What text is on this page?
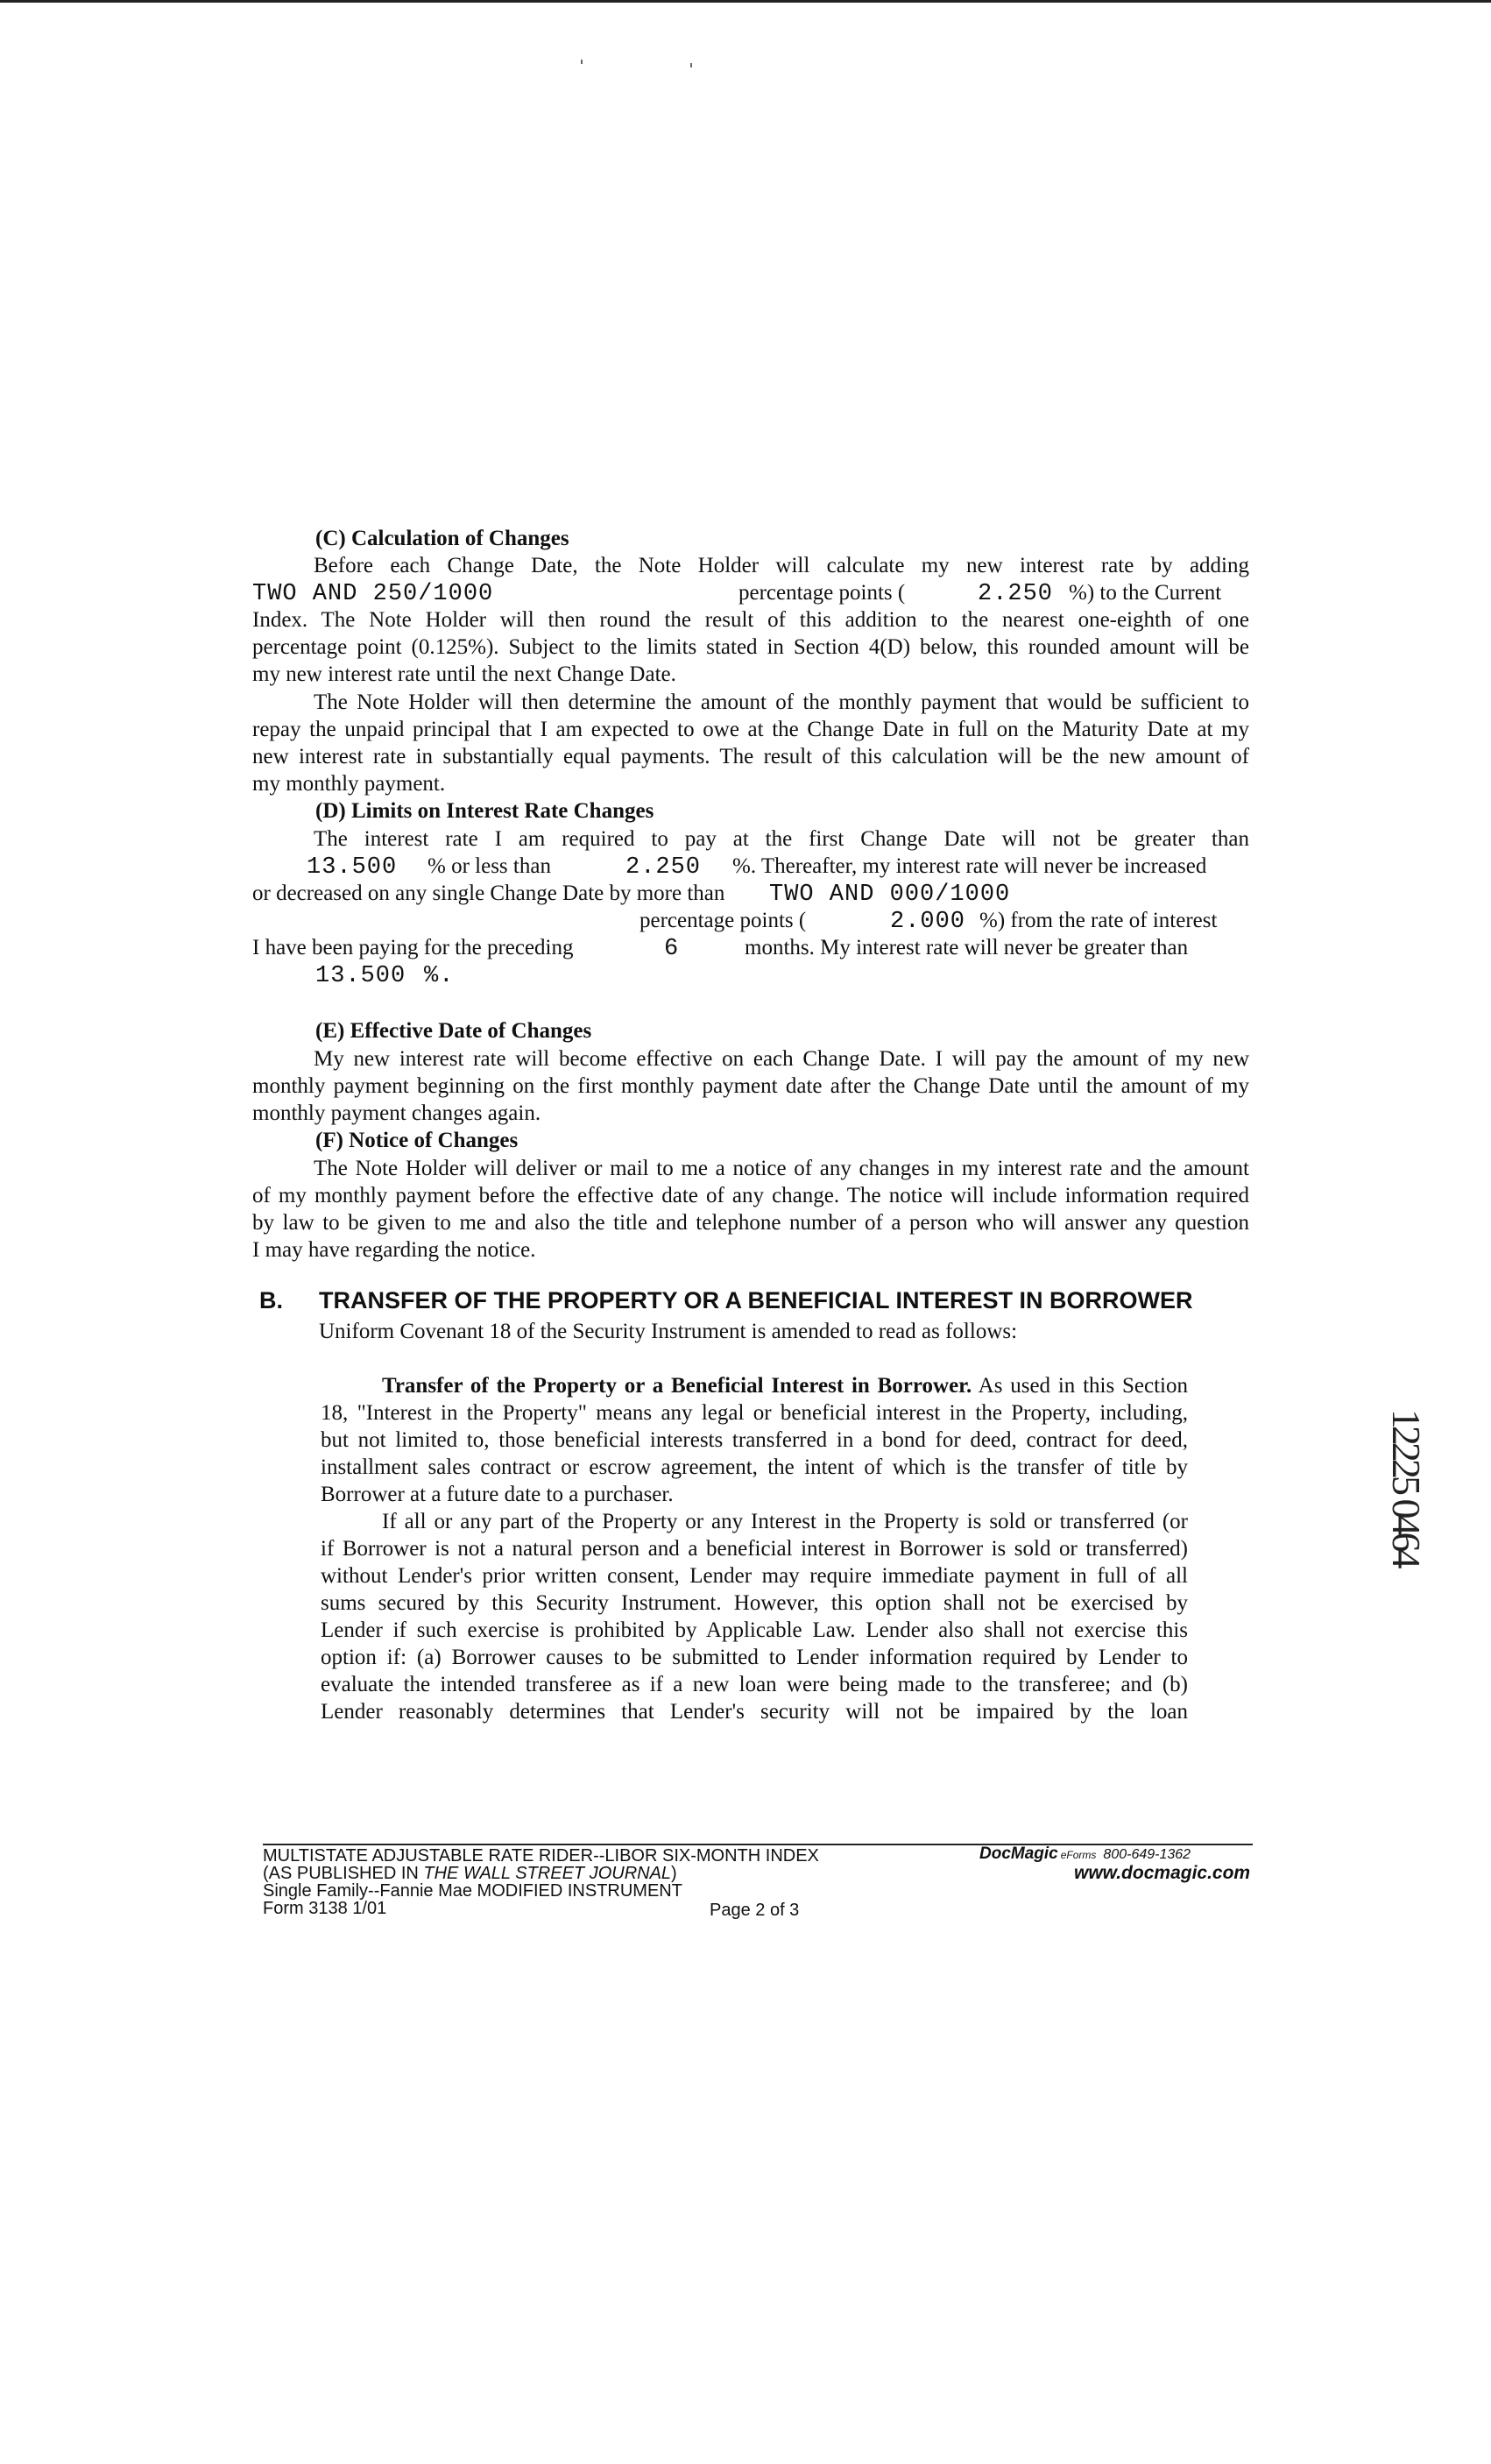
(C) Calculation of Changes
Before each Change Date, the Note Holder will calculate my new interest rate by adding
TWO AND 250/1000	percentage points (	2.250 %) to the Current
Index. The Note Holder will then round the result of this addition to the nearest one-eighth of one
percentage point (0.125%). Subject to the limits stated in Section 4(D) below, this rounded amount will be
my new interest rate until the next Change Date.
The Note Holder will then determine the amount of the monthly payment that would be sufficient to
repay the unpaid principal that I am expected to owe at the Change Date in full on the Maturity Date at my
new interest rate in substantially equal payments. The result of this calculation will be the new amount of
my monthly payment.
(D) Limits on Interest Rate Changes
The interest rate I am required to pay at the first Change Date will not be greater than
13.500 % or less than	2.250 %. Thereafter, my interest rate will never be increased
or decreased on any single Change Date by more than TWO AND 000/1000
percentage points (	2.000 %) from the rate of interest
I have been paying for the preceding	6	months. My interest rate will never be greater than
13.500 %.
(E) Effective Date of Changes
My new interest rate will become effective on each Change Date. I will pay the amount of my new
monthly payment beginning on the first monthly payment date after the Change Date until the amount of my
monthly payment changes again.
(F) Notice of Changes
The Note Holder will deliver or mail to me a notice of any changes in my interest rate and the amount
of my monthly payment before the effective date of any change. The notice will include information required
by law to be given to me and also the title and telephone number of a person who will answer any question
I may have regarding the notice.
B. TRANSFER OF THE PROPERTY OR A BENEFICIAL INTEREST IN BORROWER
Uniform Covenant 18 of the Security Instrument is amended to read as follows:
Transfer of the Property or a Beneficial Interest in Borrower. As used in this Section
18, "Interest in the Property" means any legal or beneficial interest in the Property, including,
but not limited to, those beneficial interests transferred in a bond for deed, contract for deed,
installment sales contract or escrow agreement, the intent of which is the transfer of title by
Borrower at a future date to a purchaser.
If all or any part of the Property or any Interest in the Property is sold or transferred (or
if Borrower is not a natural person and a beneficial interest in Borrower is sold or transferred)
without Lender's prior written consent, Lender may require immediate payment in full of all
sums secured by this Security Instrument. However, this option shall not be exercised by
Lender if such exercise is prohibited by Applicable Law. Lender also shall not exercise this
option if: (a) Borrower causes to be submitted to Lender information required by Lender to
evaluate the intended transferee as if a new loan were being made to the transferee; and (b)
Lender reasonably determines that Lender's security will not be impaired by the loan
12225 0464
MULTISTATE ADJUSTABLE RATE RIDER--LIBOR SIX-MONTH INDEX
(AS PUBLISHED IN THE WALL STREET JOURNAL)
Single Family--Fannie Mae MODIFIED INSTRUMENT
Form 3138 1/01	Page 2 of 3
DocMagic eForms 800-649-1362
www.docmagic.com
